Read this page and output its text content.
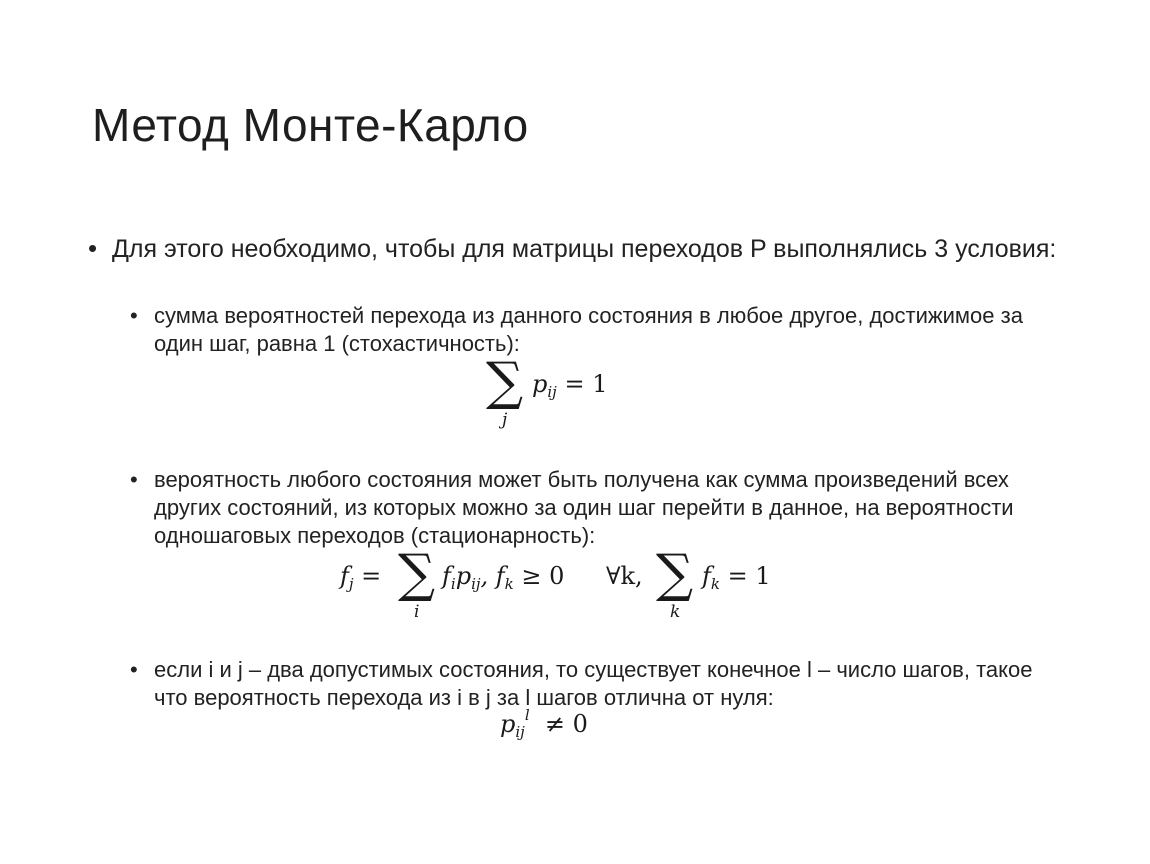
Метод Монте-Карло
• Для этого необходимо, чтобы для матрицы переходов P выполнялись 3 условия:
• сумма вероятностей перехода из данного состояния в любое другое, достижимое за один шаг, равна 1 (стохастичность):
∑
j
$p_{ij} = 1$
• вероятность любого состояния может быть получена как сумма произведений всех других состояний, из которых можно за один шаг перейти в данное, на вероятности одношаговых переходов (стационарность):
$f_j$ = ∑
i
$f_ip_{ij}$, $f_k \ge 0$ ∀k, ∑
k
$f_k = 1$
• если i и j – два допустимых состояния, то существует конечное l – число шагов, такое что вероятность перехода из i в j за l шагов отлична от нуля:
$p_{ij}^l \ne 0$
